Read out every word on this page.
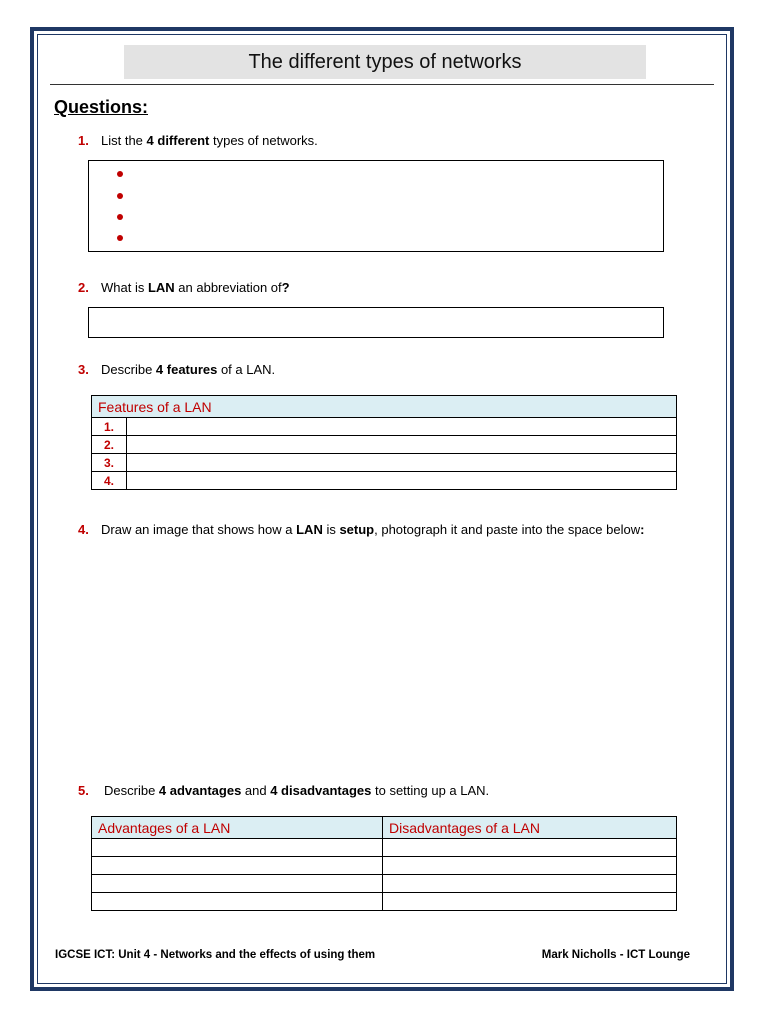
The different types of networks
Questions:
1. List the 4 different types of networks.
2. What is LAN an abbreviation of?
3. Describe 4 features of a LAN.
Features of a LAN	
1.	
2.	
3.	
4.	
4. Draw an image that shows how a LAN is setup, photograph it and paste into the space below:
5. Describe 4 advantages and 4 disadvantages to setting up a LAN.
Advantages of a LAN	Disadvantages of a LAN

IGCSE ICT: Unit 4 - Networks and the effects of using them	Mark Nicholls - ICT Lounge
